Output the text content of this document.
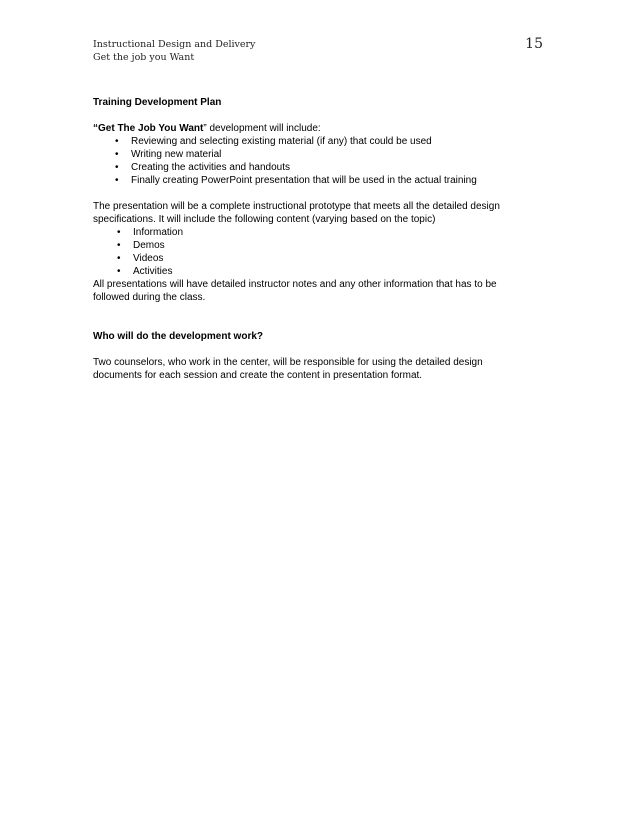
Instructional Design and Delivery
Get the job you Want
15

Training Development Plan

“Get The Job You Want” development will include:

• Reviewing and selecting existing material (if any) that could be used
• Writing new material
• Creating the activities and handouts
• Finally creating PowerPoint presentation that will be used in the actual training

The presentation will be a complete instructional prototype that meets all the detailed design
specifications. It will include the following content (varying based on the topic)

• Information
• Demos
• Videos
• Activities

All presentations will have detailed instructor notes and any other information that has to be
followed during the class.

Who will do the development work?

Two counselors, who work in the center, will be responsible for using the detailed design
documents for each session and create the content in presentation format.
